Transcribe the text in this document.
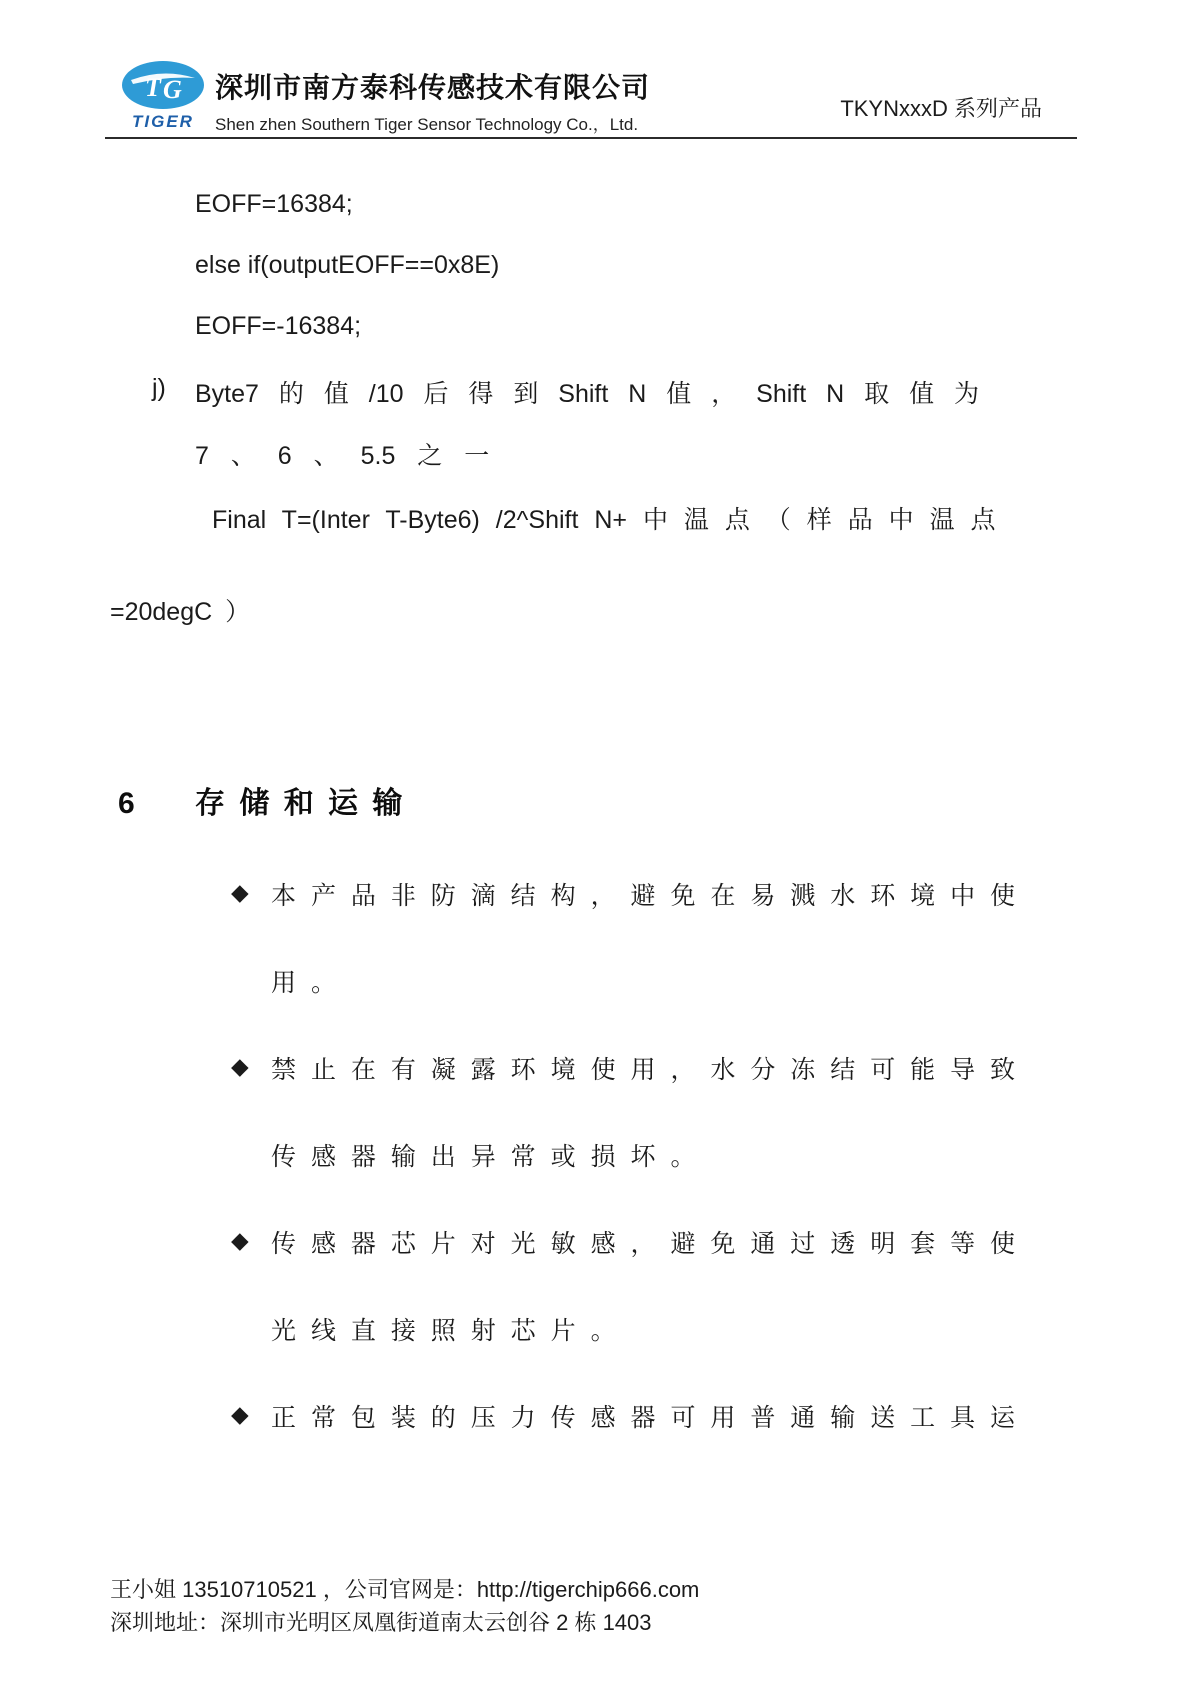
T G
TIGER
深圳市南方泰科传感技术有限公司
Shen zhen Southern Tiger Sensor Technology Co.，Ltd.
TKYNxxxD 系列产品
EOFF=16384;
else if(outputEOFF==0x8E)
EOFF=-16384;
j)	Byte7 的 值 /10 后 得 到 Shift N 值 ， Shift N 取 值 为
7 、 6 、 5.5 之 一
Final T=(Inter T-Byte6) /2^Shift N+ 中 温 点 （ 样 品 中 温 点
=20degC ）
6 存 储 和 运 输
◆ 本 产 品 非 防 滴 结 构 ， 避 免 在 易 溅 水 环 境 中 使
用 。
◆ 禁 止 在 有 凝 露 环 境 使 用 ， 水 分 冻 结 可 能 导 致
传 感 器 输 出 异 常 或 损 坏 。
◆ 传 感 器 芯 片 对 光 敏 感 ， 避 免 通 过 透 明 套 等 使
光 线 直 接 照 射 芯 片 。
◆ 正 常 包 装 的 压 力 传 感 器 可 用 普 通 输 送 工 具 运
王小姐 13510710521 ，公司官网是：http://tigerchip666.com
深圳地址：深圳市光明区凤凰街道南太云创谷 2 栋 1403
